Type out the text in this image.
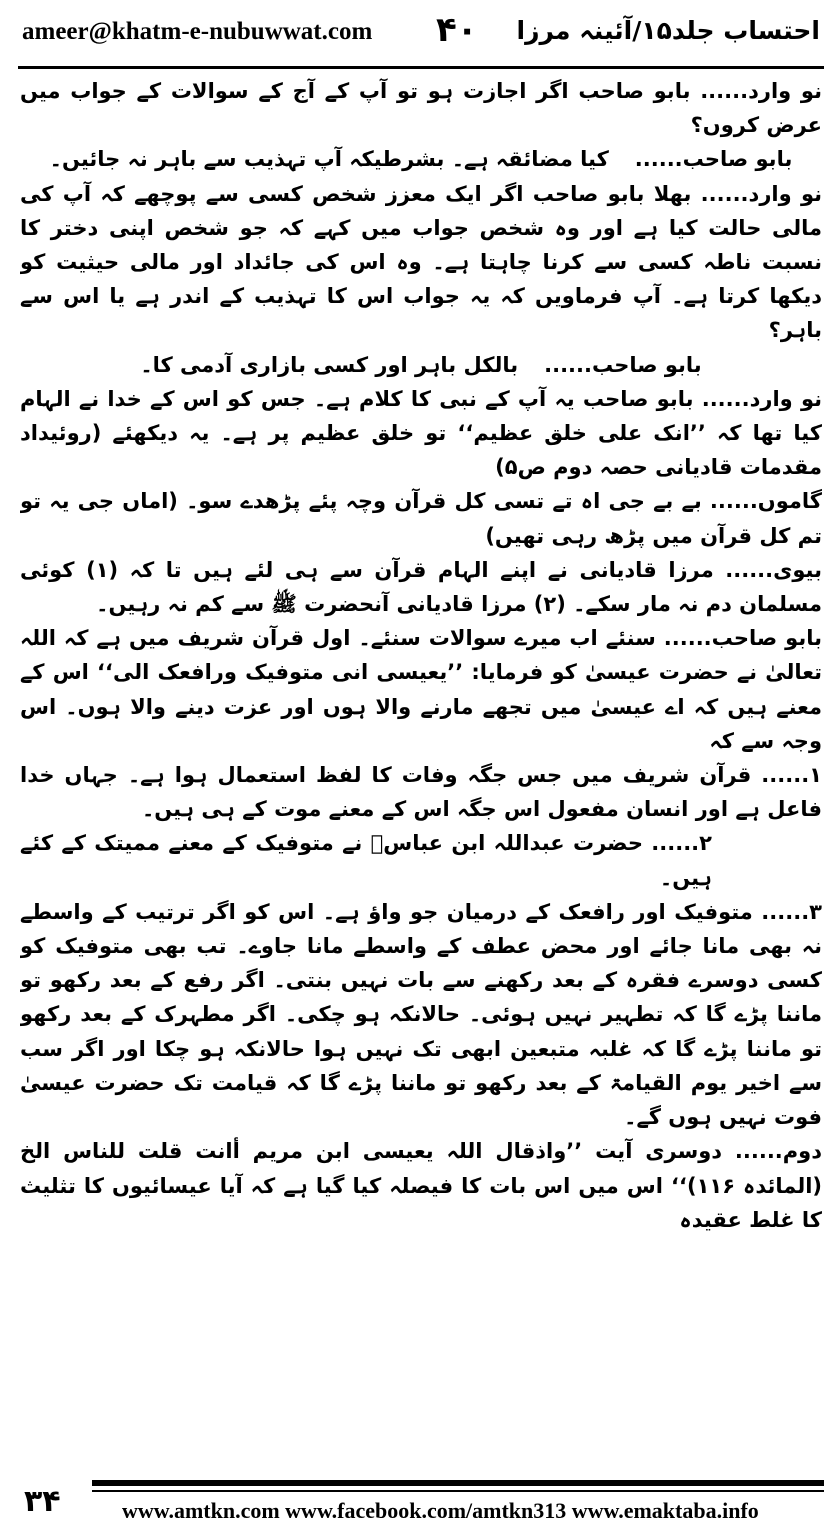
ameer@khatm-e-nubuwwat.com ۴۰ احتساب جلد۱۵/آئینہ مرزا

نو وارد...... بابو صاحب اگر اجازت ہو تو آپ کے آج کے سوالات کے جواب میں عرض کروں؟

بابو صاحب......کیا مضائقہ ہے۔ بشرطیکہ آپ تہذیب سے باہر نہ جائیں۔

نو وارد...... بھلا بابو صاحب اگر ایک معزز شخص کسی سے پوچھے کہ آپ کی مالی حالت کیا ہے اور وہ شخص جواب میں کہے کہ جو شخص اپنی دختر کا نسبت ناطہ کسی سے کرنا چاہتا ہے۔ وہ اس کی جائداد اور مالی حیثیت کو دیکھا کرتا ہے۔ آپ فرماویں کہ یہ جواب اس کا تہذیب کے اندر ہے یا اس سے باہر؟

بابو صاحب......بالکل باہر اور کسی بازاری آدمی کا۔

نو وارد...... بابو صاحب یہ آپ کے نبی کا کلام ہے۔ جس کو اس کے خدا نے الہام کیا تھا کہ ’’انک علی خلق عظیم‘‘ تو خلق عظیم پر ہے۔ یہ دیکھئے (روئیداد مقدمات قادیانی حصہ دوم ص۵)

گاموں...... بے بے جی اہ تے تسی کل قرآن وچہ پئے پڑھدے سو۔ (اماں جی یہ تو تم کل قرآن میں پڑھ رہی تھیں)

بیوی...... مرزا قادیانی نے اپنے الہام قرآن سے ہی لئے ہیں تا کہ (۱) کوئی مسلمان دم نہ مار سکے۔ (۲) مرزا قادیانی آنحضرت ﷺ سے کم نہ رہیں۔

بابو صاحب...... سنئے اب میرے سوالات سنئے۔ اول قرآن شریف میں ہے کہ اللہ تعالیٰ نے حضرت عیسیٰ کو فرمایا: ’’یعیسی انی متوفیک ورافعک الی‘‘ اس کے معنے ہیں کہ اے عیسیٰ میں تجھے مارنے والا ہوں اور عزت دینے والا ہوں۔ اس وجہ سے کہ

۱...... قرآن شریف میں جس جگہ وفات کا لفظ استعمال ہوا ہے۔ جہاں خدا فاعل ہے اور انسان مفعول اس جگہ اس کے معنے موت کے ہی ہیں۔

۲...... حضرت عبداللہ ابن عباسؓ نے متوفیک کے معنے ممیتک کے کئے ہیں۔

۳...... متوفیک اور رافعک کے درمیان جو واؤ ہے۔ اس کو اگر ترتیب کے واسطے نہ بھی مانا جائے اور محض عطف کے واسطے مانا جاوے۔ تب بھی متوفیک کو کسی دوسرے فقرہ کے بعد رکھنے سے بات نہیں بنتی۔ اگر رفع کے بعد رکھو تو ماننا پڑے گا کہ تطہیر نہیں ہوئی۔ حالانکہ ہو چکی۔ اگر مطہرک کے بعد رکھو تو ماننا پڑے گا کہ غلبہ متبعین ابھی تک نہیں ہوا حالانکہ ہو چکا اور اگر سب سے اخیر یوم القیامۃ کے بعد رکھو تو ماننا پڑے گا کہ قیامت تک حضرت عیسیٰ فوت نہیں ہوں گے۔

دوم...... دوسری آیت ’’واذقال اللہ یعیسی ابن مریم أانت قلت للناس الخ (المائدہ ۱۱۶)‘‘ اس میں اس بات کا فیصلہ کیا گیا ہے کہ آیا عیسائیوں کا تثلیث کا غلط عقیدہ

۳۴	www.amtkn.com www.facebook.com/amtkn313 www.emaktaba.info
